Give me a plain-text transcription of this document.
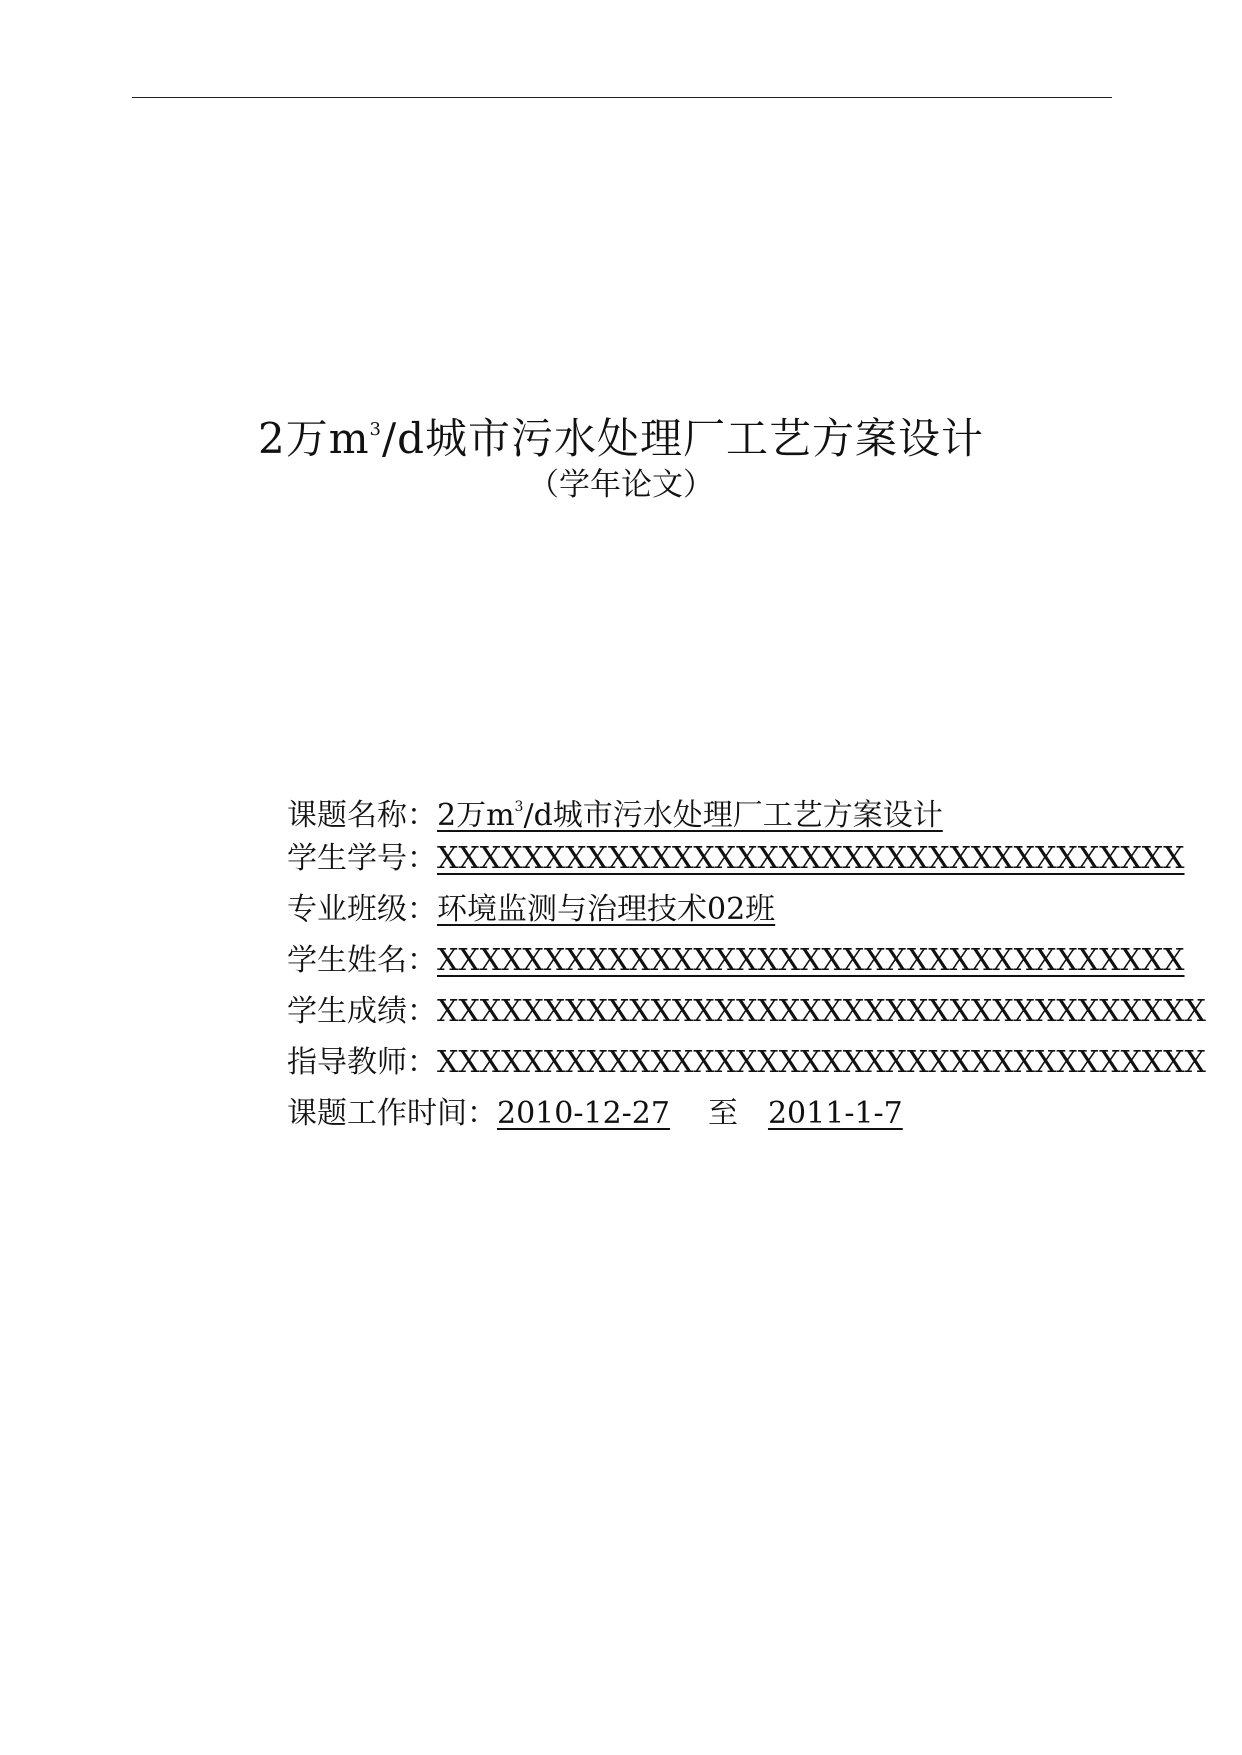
2万$m^3/d$城市污水处理厂工艺方案设计
（学年论文）
课题名称：2万$m^3/d$城市污水处理厂工艺方案设计
学生学号：XXXXXXXXXXXXXXXXXXXXXXXXXXXXXXXXXXX
专业班级：环境监测与治理技术02班
学生姓名：XXXXXXXXXXXXXXXXXXXXXXXXXXXXXXXXXXX
学生成绩：XXXXXXXXXXXXXXXXXXXXXXXXXXXXXXXXXXXX
指导教师：XXXXXXXXXXXXXXXXXXXXXXXXXXXXXXXXXXXX
课题工作时间：2010-12-27 至 2011-1-7
